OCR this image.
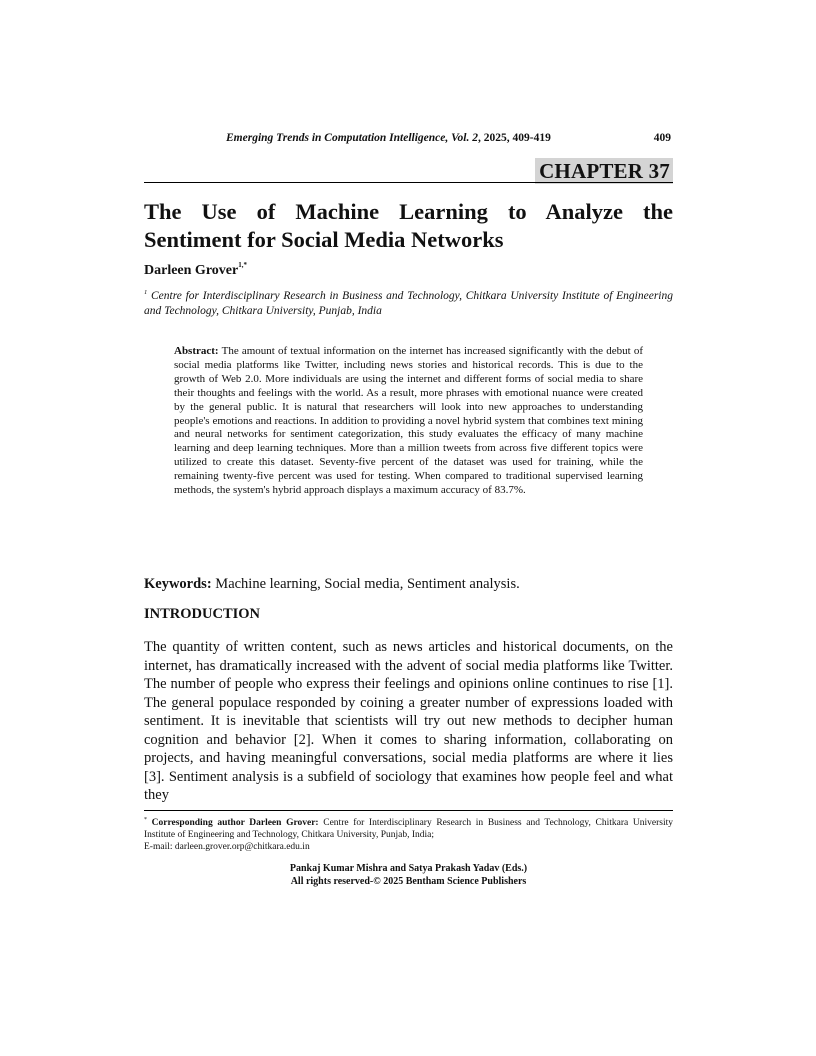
Emerging Trends in Computation Intelligence, Vol. 2, 2025, 409-419	409
CHAPTER 37
The Use of Machine Learning to Analyze the
Sentiment for Social Media Networks
Darleen Grover$^{1,*}$
$^1$ Centre for Interdisciplinary Research in Business and Technology, Chitkara University Institute of Engineering and Technology, Chitkara University, Punjab, India

Abstract: The amount of textual information on the internet has increased significantly with the debut of social media platforms like Twitter, including news stories and historical records. This is due to the growth of Web 2.0. More individuals are using the internet and different forms of social media to share their thoughts and feelings with the world. As a result, more phrases with emotional nuance were created by the general public. It is natural that researchers will look into new approaches to understanding people's emotions and reactions. In addition to providing a novel hybrid system that combines text mining and neural networks for sentiment categorization, this study evaluates the efficacy of many machine learning and deep learning techniques. More than a million tweets from across five different topics were utilized to create this dataset. Seventy-five percent of the dataset was used for training, while the remaining twenty-five percent was used for testing. When compared to traditional supervised learning methods, the system's hybrid approach displays a maximum accuracy of 83.7%.

Keywords: Machine learning, Social media, Sentiment analysis.
INTRODUCTION

The quantity of written content, such as news articles and historical documents, on the internet, has dramatically increased with the advent of social media platforms like Twitter. The number of people who express their feelings and opinions online continues to rise [1]. The general populace responded by coining a greater number of expressions loaded with sentiment. It is inevitable that scientists will try out new methods to decipher human cognition and behavior [2]. When it comes to sharing information, collaborating on projects, and having meaningful conversations, social media platforms are where it lies [3]. Sentiment analysis is a subfield of sociology that examines how people feel and what they

* Corresponding author Darleen Grover: Centre for Interdisciplinary Research in Business and Technology, Chitkara University Institute of Engineering and Technology, Chitkara University, Punjab, India;
E-mail: darleen.grover.orp@chitkara.edu.in
Pankaj Kumar Mishra and Satya Prakash Yadav (Eds.)
All rights reserved-© 2025 Bentham Science Publishers
